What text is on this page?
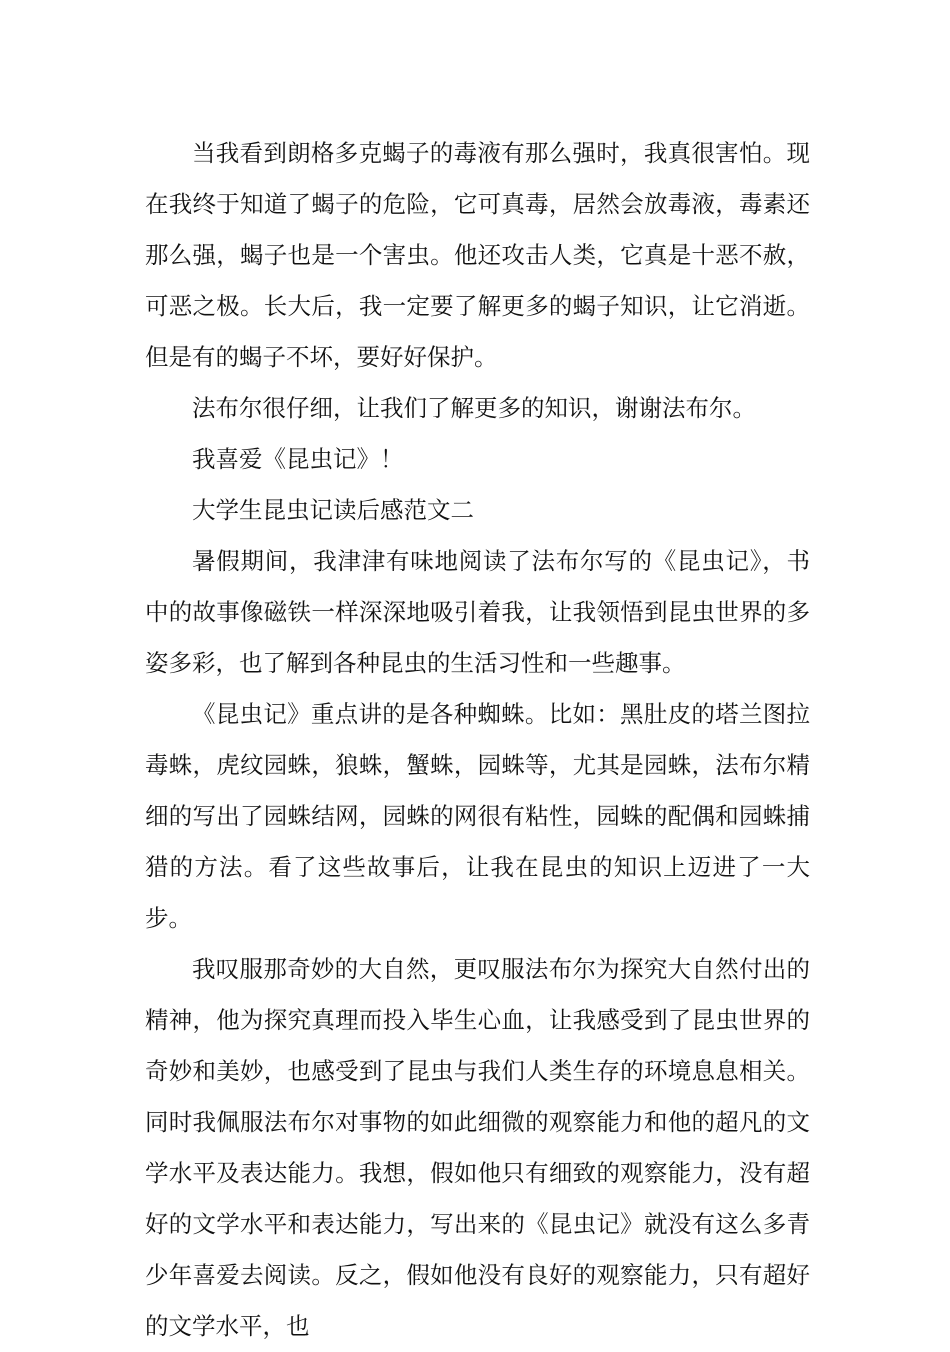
当我看到朗格多克蝎子的毒液有那么强时，我真很害怕。现在我终于知道了蝎子的危险，它可真毒，居然会放毒液，毒素还那么强，蝎子也是一个害虫。他还攻击人类，它真是十恶不赦，可恶之极。长大后，我一定要了解更多的蝎子知识，让它消逝。但是有的蝎子不坏，要好好保护。

法布尔很仔细，让我们了解更多的知识，谢谢法布尔。

我喜爱《昆虫记》！

大学生昆虫记读后感范文二

暑假期间，我津津有味地阅读了法布尔写的《昆虫记》，书中的故事像磁铁一样深深地吸引着我，让我领悟到昆虫世界的多姿多彩，也了解到各种昆虫的生活习性和一些趣事。

《昆虫记》重点讲的是各种蜘蛛。比如：黑肚皮的塔兰图拉毒蛛，虎纹园蛛，狼蛛，蟹蛛，园蛛等，尤其是园蛛，法布尔精细的写出了园蛛结网，园蛛的网很有粘性，园蛛的配偶和园蛛捕猎的方法。看了这些故事后，让我在昆虫的知识上迈进了一大步。

我叹服那奇妙的大自然，更叹服法布尔为探究大自然付出的精神，他为探究真理而投入毕生心血，让我感受到了昆虫世界的奇妙和美妙，也感受到了昆虫与我们人类生存的环境息息相关。同时我佩服法布尔对事物的如此细微的观察能力和他的超凡的文学水平及表达能力。我想，假如他只有细致的观察能力，没有超好的文学水平和表达能力，写出来的《昆虫记》就没有这么多青少年喜爱去阅读。反之，假如他没有良好的观察能力，只有超好的文学水平，也
